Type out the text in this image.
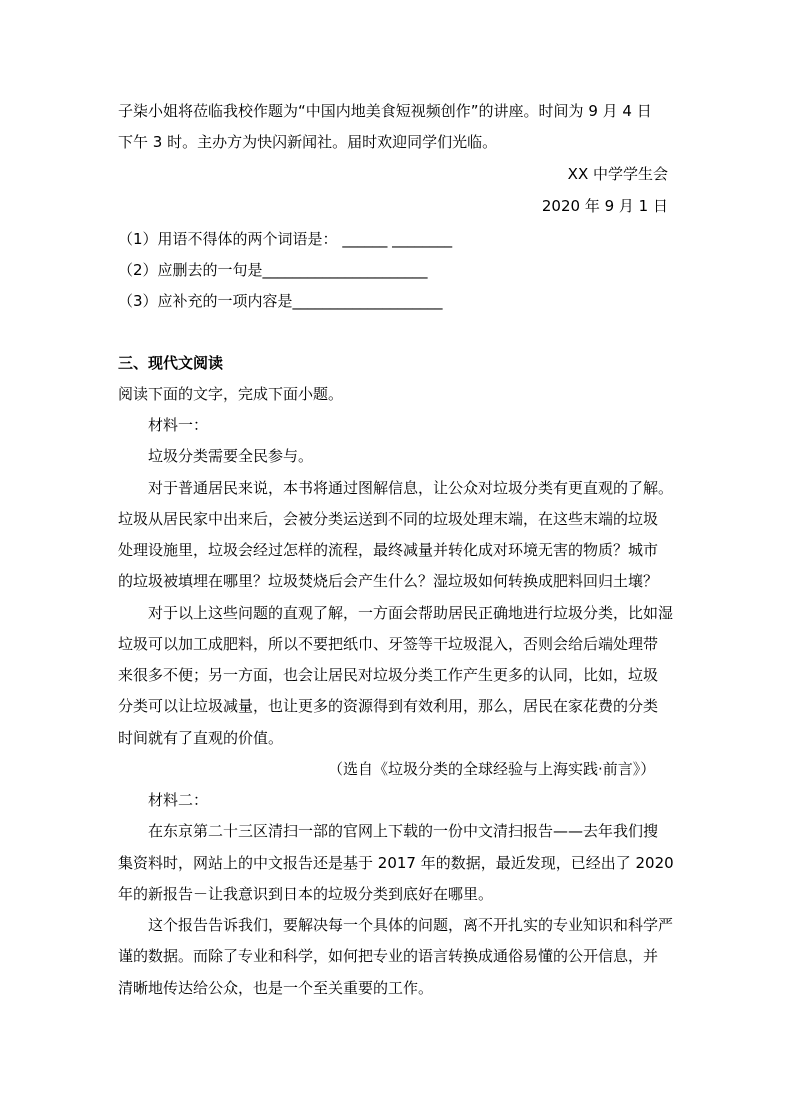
子柒小姐将莅临我校作题为“中国内地美食短视频创作”的讲座。时间为 9 月 4 日
下午 3 时。主办方为快闪新闻社。届时欢迎同学们光临。
XX 中学学生会
2020 年 9 月 1 日
（1）用语不得体的两个词语是： ______ ________
（2）应删去的一句是______________________
（3）应补充的一项内容是____________________
三、现代文阅读
阅读下面的文字，完成下面小题。
材料一：
垃圾分类需要全民参与。
对于普通居民来说，本书将通过图解信息，让公众对垃圾分类有更直观的了解。
垃圾从居民家中出来后，会被分类运送到不同的垃圾处理末端，在这些末端的垃圾
处理设施里，垃圾会经过怎样的流程，最终减量并转化成对环境无害的物质？城市
的垃圾被填埋在哪里？垃圾焚烧后会产生什么？湿垃圾如何转换成肥料回归土壤？
对于以上这些问题的直观了解，一方面会帮助居民正确地进行垃圾分类，比如湿
垃圾可以加工成肥料，所以不要把纸巾、牙签等干垃圾混入，否则会给后端处理带
来很多不便；另一方面，也会让居民对垃圾分类工作产生更多的认同，比如，垃圾
分类可以让垃圾减量，也让更多的资源得到有效利用，那么，居民在家花费的分类
时间就有了直观的价值。
（选自《垃圾分类的全球经验与上海实践·前言》）
材料二：
在东京第二十三区清扫一部的官网上下载的一份中文清扫报告——去年我们搜
集资料时，网站上的中文报告还是基于 2017 年的数据，最近发现，已经出了 2020
年的新报告－让我意识到日本的垃圾分类到底好在哪里。
这个报告告诉我们，要解决每一个具体的问题，离不开扎实的专业知识和科学严
谨的数据。而除了专业和科学，如何把专业的语言转换成通俗易懂的公开信息，并
清晰地传达给公众，也是一个至关重要的工作。
